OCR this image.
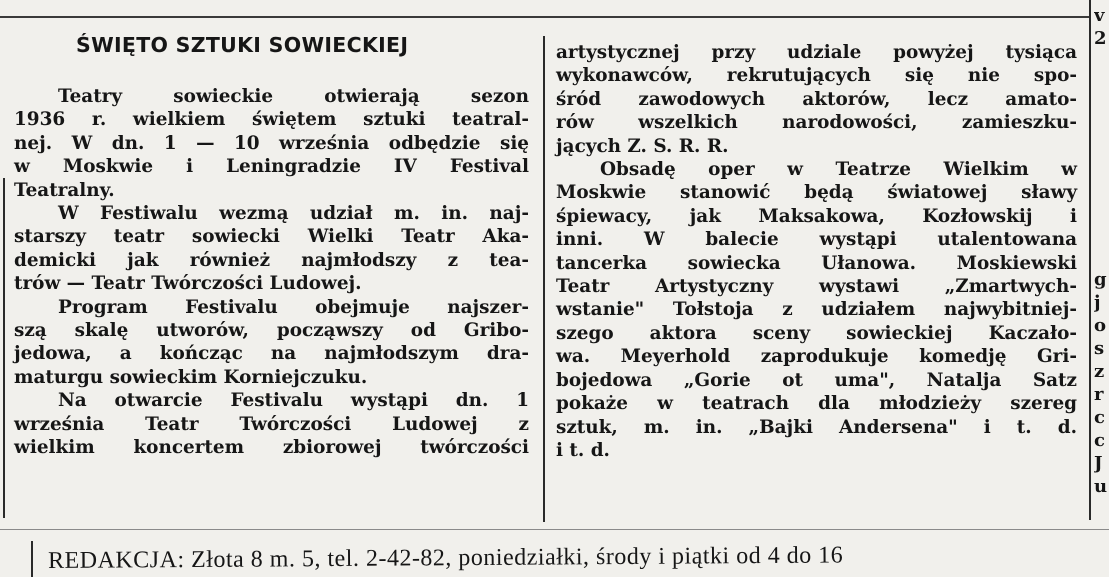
ŚWIĘTO SZTUKI SOWIECKIEJ
Teatry sowieckie otwierają sezon
1936 r. wielkiem świętem sztuki teatral-
nej. W dn. 1 — 10 września odbędzie się
w Moskwie i Leningradzie IV Festival
Teatralny.
W Festiwalu wezmą udział m. in. naj-
starszy teatr sowiecki Wielki Teatr Aka-
demicki jak również najmłodszy z tea-
trów — Teatr Twórczości Ludowej.
Program Festivalu obejmuje najszer-
szą skalę utworów, począwszy od Gribo-
jedowa, a kończąc na najmłodszym dra-
maturgu sowieckim Korniejczuku.
Na otwarcie Festivalu wystąpi dn. 1
września Teatr Twórczości Ludowej z
wielkim koncertem zbiorowej twórczości
artystycznej przy udziale powyżej tysiąca
wykonawców, rekrutujących się nie spo-
śród zawodowych aktorów, lecz amato-
rów wszelkich narodowości, zamieszku-
jących Z. S. R. R.
Obsadę oper w Teatrze Wielkim w
Moskwie stanowić będą światowej sławy
śpiewacy, jak Maksakowa, Kozłowskij i
inni. W balecie wystąpi utalentowana
tancerka sowiecka Ułanowa. Moskiewski
Teatr Artystyczny wystawi „Zmartwych-
wstanie" Tołstoja z udziałem najwybitniej-
szego aktora sceny sowieckiej Kaczało-
wa. Meyerhold zaprodukuje komedję Gri-
bojedowa „Gorie ot uma", Natalja Satz
pokaże w teatrach dla młodzieży szereg
sztuk, m. in. „Bajki Andersena" i t. d.
i t. d.
v
2
g
j
o
s
z
r
c
c
J
u
REDAKCJA: Złota 8 m. 5, tel. 2-42-82, poniedziałki, środy i piątki od 4 do 16
